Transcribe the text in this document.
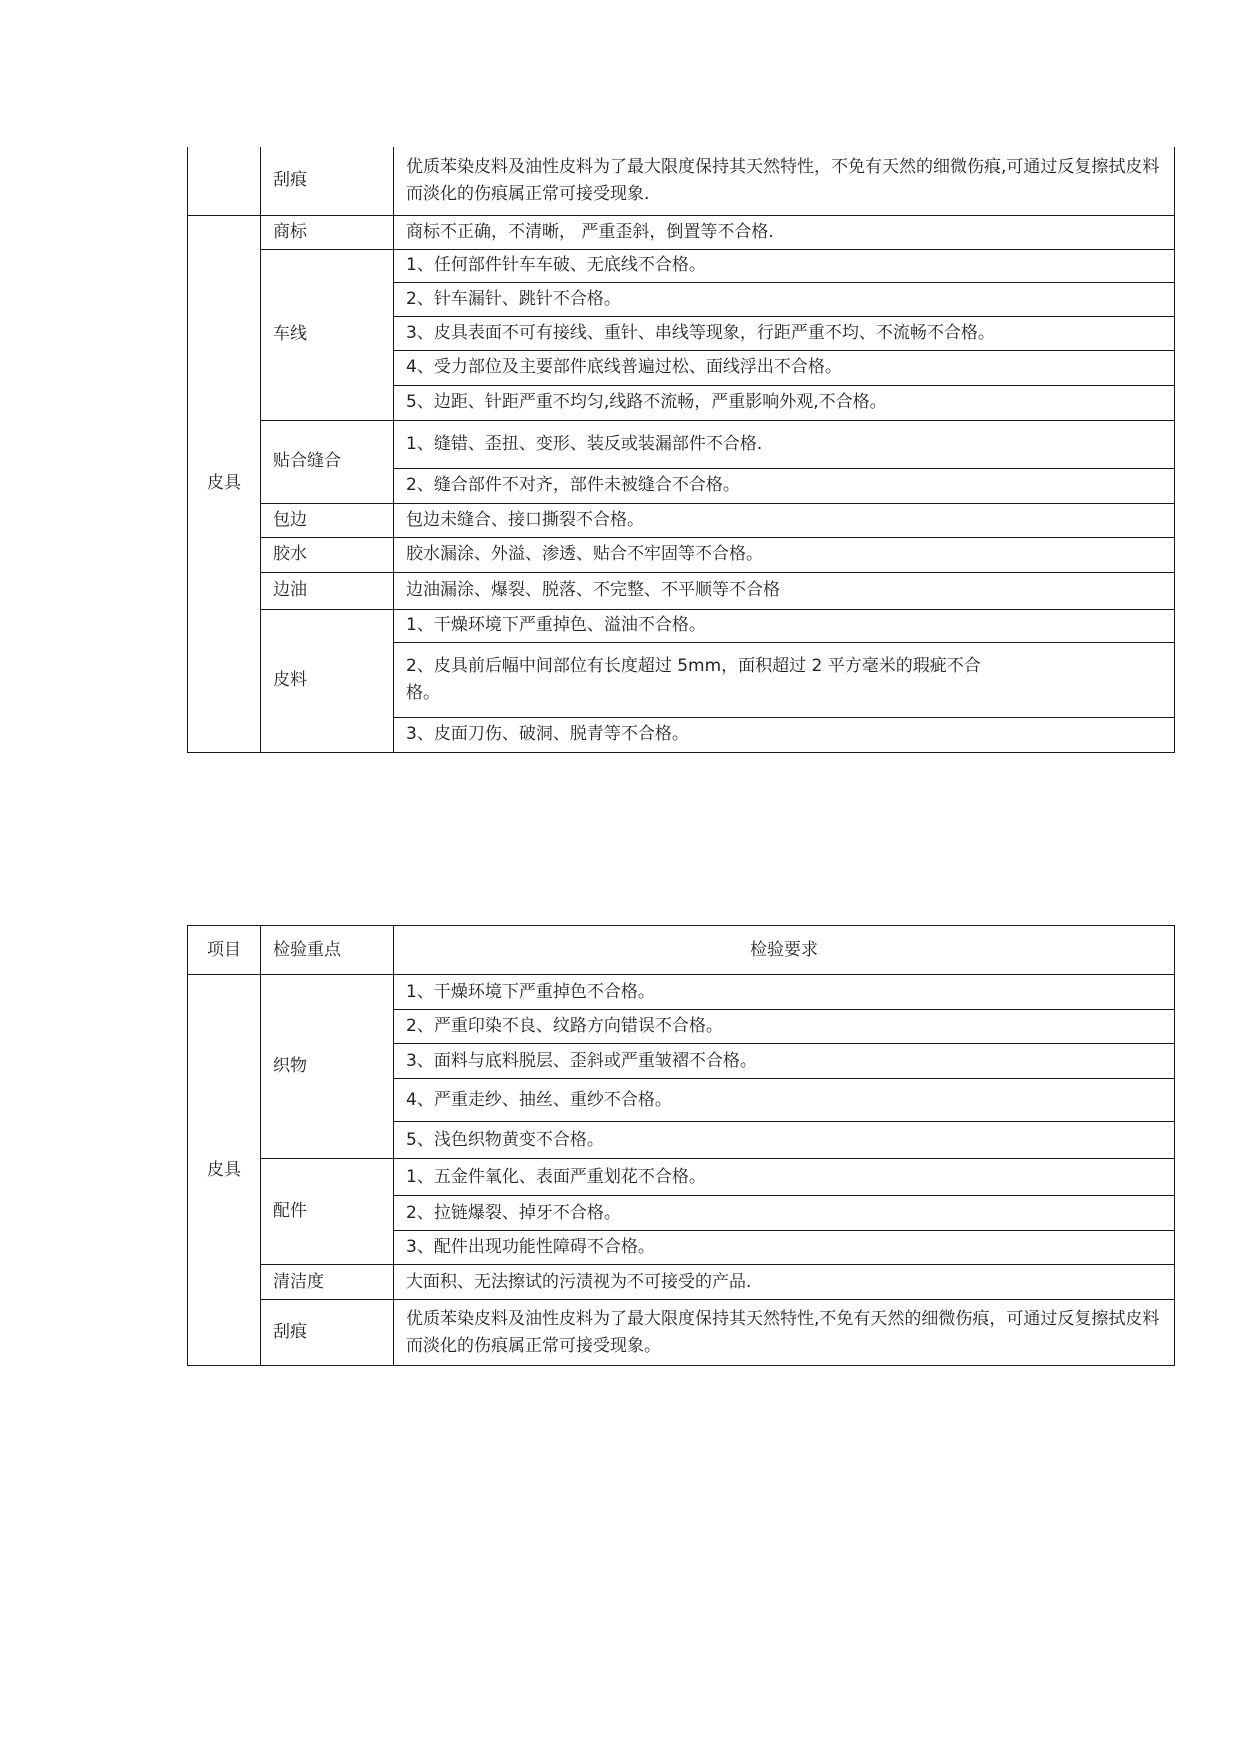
	刮痕	优质苯染皮料及油性皮料为了最大限度保持其天然特性，不免有天然的细微伤痕,可通过反复擦拭皮料而淡化的伤痕属正常可接受现象.
皮具	商标	商标不正确，不清晰， 严重歪斜，倒置等不合格.
	车线	1、任何部件针车车破、无底线不合格。
		2、针车漏针、跳针不合格。
		3、皮具表面不可有接线、重针、串线等现象，行距严重不均、不流畅不合格。
		4、受力部位及主要部件底线普遍过松、面线浮出不合格。
		5、边距、针距严重不均匀,线路不流畅，严重影响外观,不合格。
	贴合缝合	1、缝错、歪扭、变形、装反或装漏部件不合格.
		2、缝合部件不对齐，部件未被缝合不合格。
	包边	包边未缝合、接口撕裂不合格。
	胶水	胶水漏涂、外溢、渗透、贴合不牢固等不合格。
	边油	边油漏涂、爆裂、脱落、不完整、不平顺等不合格
	皮料	1、干燥环境下严重掉色、溢油不合格。
		2、皮具前后幅中间部位有长度超过 5mm，面积超过 2 平方毫米的瑕疵不合格。
		3、皮面刀伤、破洞、脱青等不合格。
项目	检验重点	检验要求
皮具	织物	1、干燥环境下严重掉色不合格。
		2、严重印染不良、纹路方向错误不合格。
		3、面料与底料脱层、歪斜或严重皱褶不合格。
		4、严重走纱、抽丝、重纱不合格。
		5、浅色织物黄变不合格。
	配件	1、五金件氧化、表面严重划花不合格。
		2、拉链爆裂、掉牙不合格。
		3、配件出现功能性障碍不合格。
	清洁度	大面积、无法擦试的污渍视为不可接受的产品.
	刮痕	优质苯染皮料及油性皮料为了最大限度保持其天然特性,不免有天然的细微伤痕，可通过反复擦拭皮料而淡化的伤痕属正常可接受现象。
